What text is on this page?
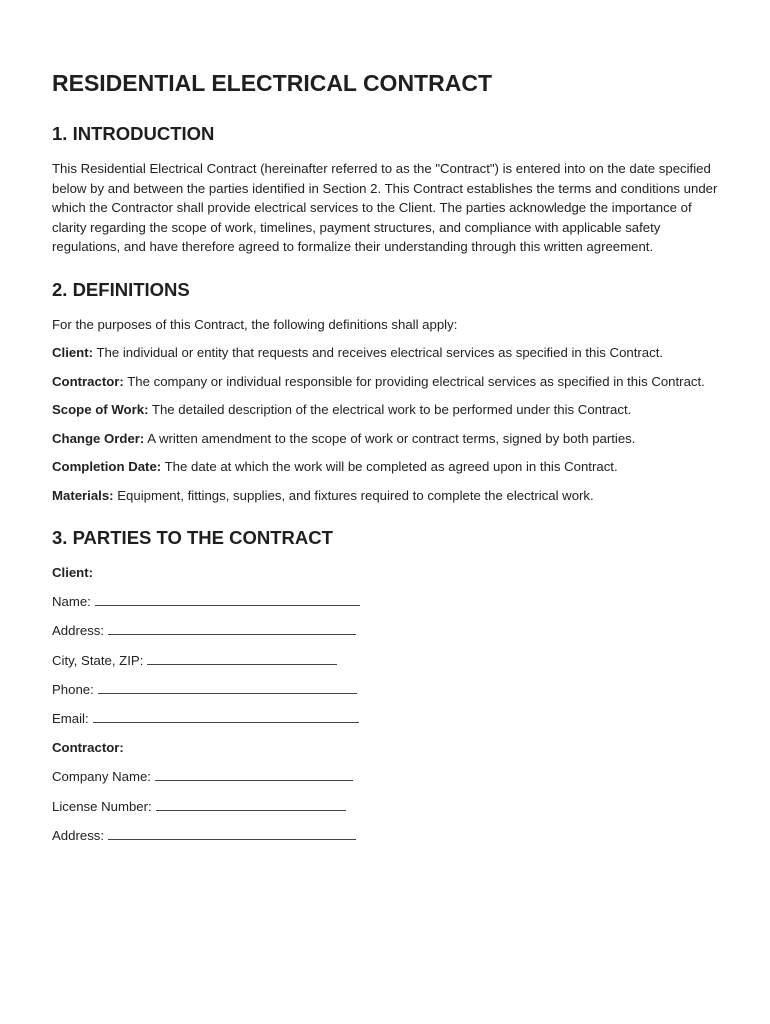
RESIDENTIAL ELECTRICAL CONTRACT
1. INTRODUCTION

This Residential Electrical Contract (hereinafter referred to as the "Contract") is entered into on the date specified below by and between the parties identified in Section 2. This Contract establishes the terms and conditions under which the Contractor shall provide electrical services to the Client. The parties acknowledge the importance of clarity regarding the scope of work, timelines, payment structures, and compliance with applicable safety regulations, and have therefore agreed to formalize their understanding through this written agreement.

2. DEFINITIONS

For the purposes of this Contract, the following definitions shall apply:

Client: The individual or entity that requests and receives electrical services as specified in this Contract.

Contractor: The company or individual responsible for providing electrical services as specified in this Contract.

Scope of Work: The detailed description of the electrical work to be performed under this Contract.

Change Order: A written amendment to the scope of work or contract terms, signed by both parties.

Completion Date: The date at which the work will be completed as agreed upon in this Contract.

Materials: Equipment, fittings, supplies, and fixtures required to complete the electrical work.

3. PARTIES TO THE CONTRACT
Client:
Name:
Address:
City, State, ZIP:
Phone:
Email:
Contractor:
Company Name:
License Number:
Address:
